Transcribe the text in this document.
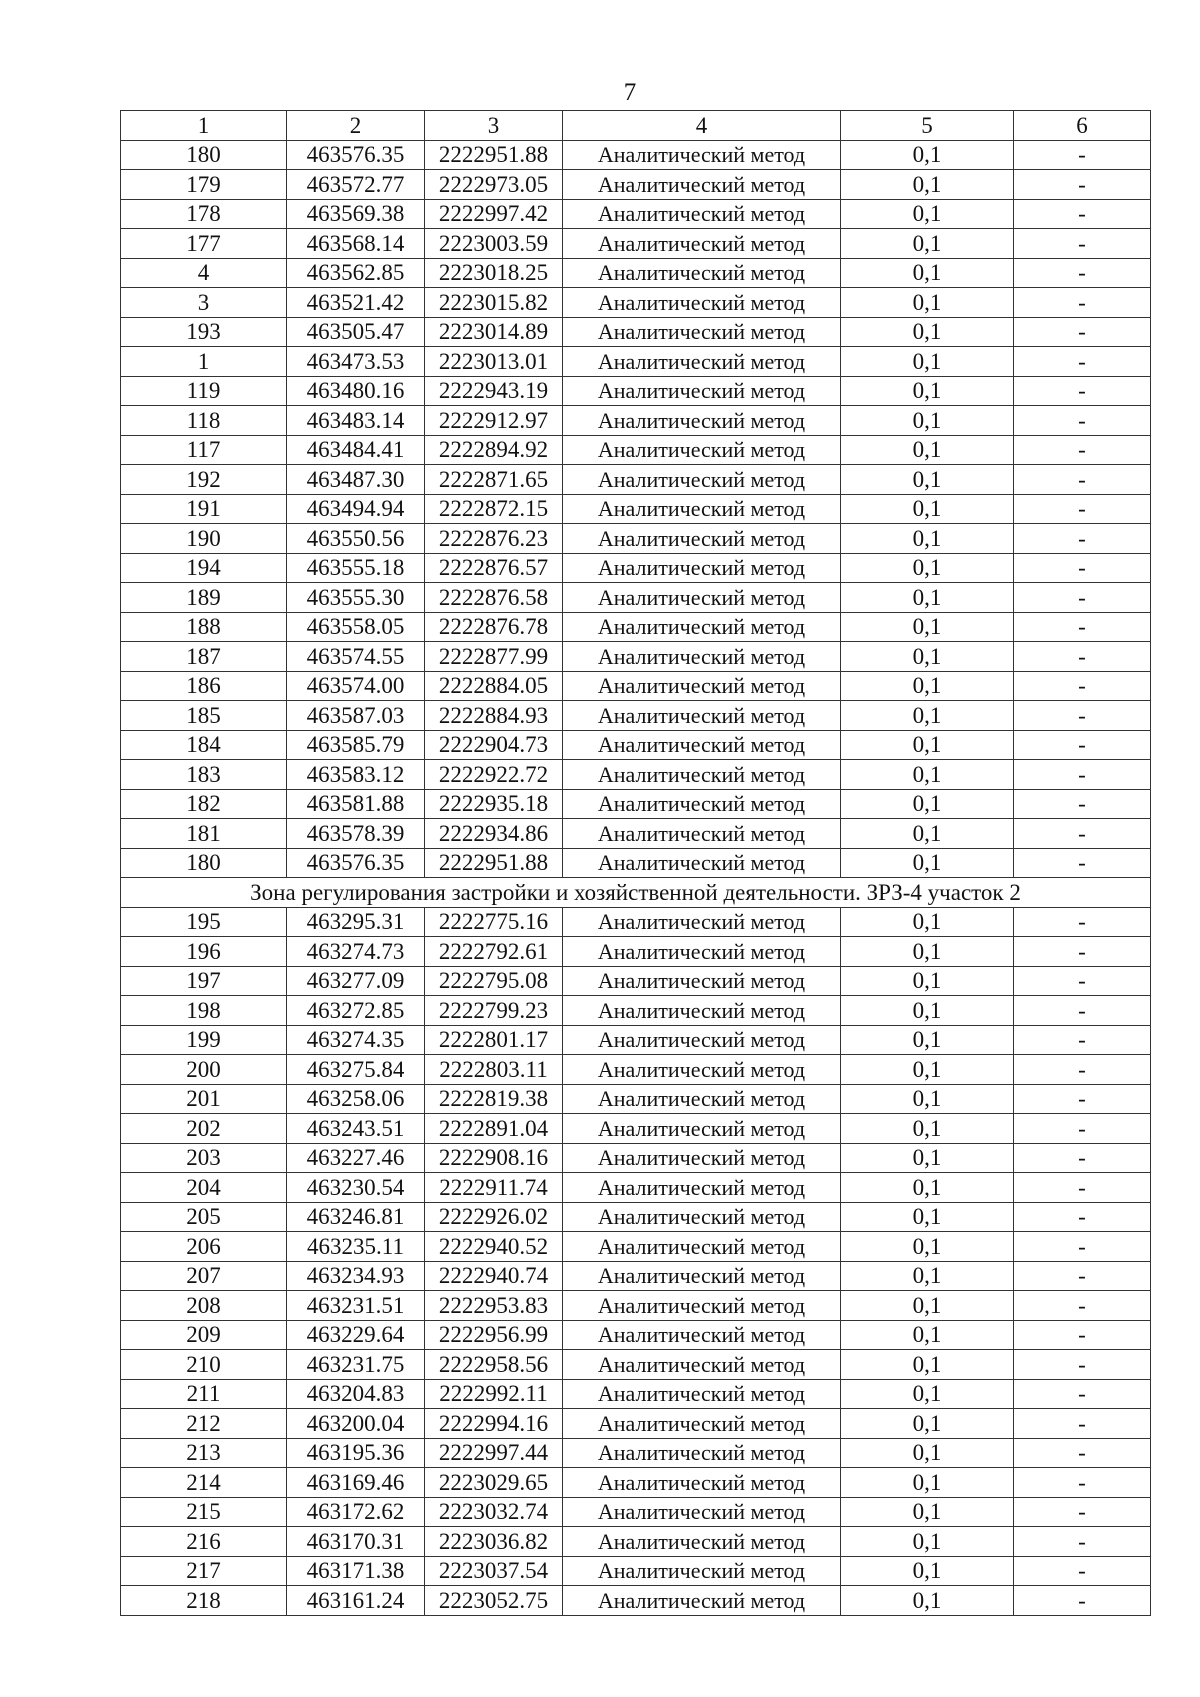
7
1	2	3	4	5	6
180	463576.35	2222951.88	Аналитический метод	0,1	-
179	463572.77	2222973.05	Аналитический метод	0,1	-
178	463569.38	2222997.42	Аналитический метод	0,1	-
177	463568.14	2223003.59	Аналитический метод	0,1	-
4	463562.85	2223018.25	Аналитический метод	0,1	-
3	463521.42	2223015.82	Аналитический метод	0,1	-
193	463505.47	2223014.89	Аналитический метод	0,1	-
1	463473.53	2223013.01	Аналитический метод	0,1	-
119	463480.16	2222943.19	Аналитический метод	0,1	-
118	463483.14	2222912.97	Аналитический метод	0,1	-
117	463484.41	2222894.92	Аналитический метод	0,1	-
192	463487.30	2222871.65	Аналитический метод	0,1	-
191	463494.94	2222872.15	Аналитический метод	0,1	-
190	463550.56	2222876.23	Аналитический метод	0,1	-
194	463555.18	2222876.57	Аналитический метод	0,1	-
189	463555.30	2222876.58	Аналитический метод	0,1	-
188	463558.05	2222876.78	Аналитический метод	0,1	-
187	463574.55	2222877.99	Аналитический метод	0,1	-
186	463574.00	2222884.05	Аналитический метод	0,1	-
185	463587.03	2222884.93	Аналитический метод	0,1	-
184	463585.79	2222904.73	Аналитический метод	0,1	-
183	463583.12	2222922.72	Аналитический метод	0,1	-
182	463581.88	2222935.18	Аналитический метод	0,1	-
181	463578.39	2222934.86	Аналитический метод	0,1	-
180	463576.35	2222951.88	Аналитический метод	0,1	-
Зона регулирования застройки и хозяйственной деятельности. ЗРЗ-4 участок 2					
195	463295.31	2222775.16	Аналитический метод	0,1	-
196	463274.73	2222792.61	Аналитический метод	0,1	-
197	463277.09	2222795.08	Аналитический метод	0,1	-
198	463272.85	2222799.23	Аналитический метод	0,1	-
199	463274.35	2222801.17	Аналитический метод	0,1	-
200	463275.84	2222803.11	Аналитический метод	0,1	-
201	463258.06	2222819.38	Аналитический метод	0,1	-
202	463243.51	2222891.04	Аналитический метод	0,1	-
203	463227.46	2222908.16	Аналитический метод	0,1	-
204	463230.54	2222911.74	Аналитический метод	0,1	-
205	463246.81	2222926.02	Аналитический метод	0,1	-
206	463235.11	2222940.52	Аналитический метод	0,1	-
207	463234.93	2222940.74	Аналитический метод	0,1	-
208	463231.51	2222953.83	Аналитический метод	0,1	-
209	463229.64	2222956.99	Аналитический метод	0,1	-
210	463231.75	2222958.56	Аналитический метод	0,1	-
211	463204.83	2222992.11	Аналитический метод	0,1	-
212	463200.04	2222994.16	Аналитический метод	0,1	-
213	463195.36	2222997.44	Аналитический метод	0,1	-
214	463169.46	2223029.65	Аналитический метод	0,1	-
215	463172.62	2223032.74	Аналитический метод	0,1	-
216	463170.31	2223036.82	Аналитический метод	0,1	-
217	463171.38	2223037.54	Аналитический метод	0,1	-
218	463161.24	2223052.75	Аналитический метод	0,1	-
